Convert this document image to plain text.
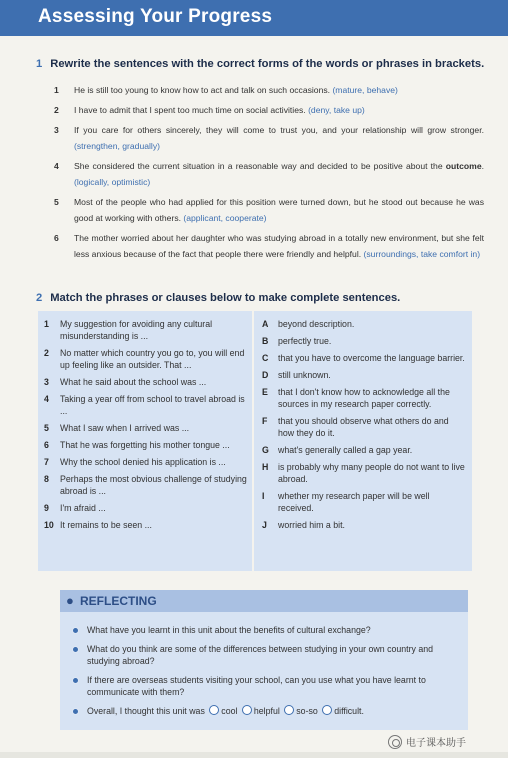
Assessing Your Progress
1 Rewrite the sentences with the correct forms of the words or phrases in brackets.
1	He is still too young to know how to act and talk on such occasions. (mature, behave)
2	I have to admit that I spent too much time on social activities. (deny, take up)
3	If you care for others sincerely, they will come to trust you, and your relationship will grow stronger. (strengthen, gradually)
4	She considered the current situation in a reasonable way and decided to be positive about the outcome. (logically, optimistic)
5	Most of the people who had applied for this position were turned down, but he stood out because he was good at working with others. (applicant, cooperate)
6	The mother worried about her daughter who was studying abroad in a totally new environment, but she felt less anxious because of the fact that people there were friendly and helpful. (surroundings, take comfort in)
2 Match the phrases or clauses below to make complete sentences.
1	My suggestion for avoiding any cultural misunderstanding is ...
2	No matter which country you go to, you will end up feeling like an outsider. That ...
3	What he said about the school was ...
4	Taking a year off from school to travel abroad is ...
5	What I saw when I arrived was ...
6	That he was forgetting his mother tongue ...
7	Why the school denied his application is ...
8	Perhaps the most obvious challenge of studying abroad is ...
9	I'm afraid ...
10 It remains to be seen ...
A	beyond description.
B	perfectly true.
C	that you have to overcome the language barrier.
D	still unknown.
E	that I don't know how to acknowledge all the sources in my research paper correctly.
F	that you should observe what others do and how they do it.
G	what's generally called a gap year.
H	is probably why many people do not want to live abroad.
I	whether my research paper will be well received.
J	worried him a bit.
● REFLECTING
What have you learnt in this unit about the benefits of cultural exchange?
What do you think are some of the differences between studying in your own country and studying abroad?
If there are overseas students visiting your school, can you use what you have learnt to communicate with them?
Overall, I thought this unit was cool helpful so-so difficult.
电子课本助手
